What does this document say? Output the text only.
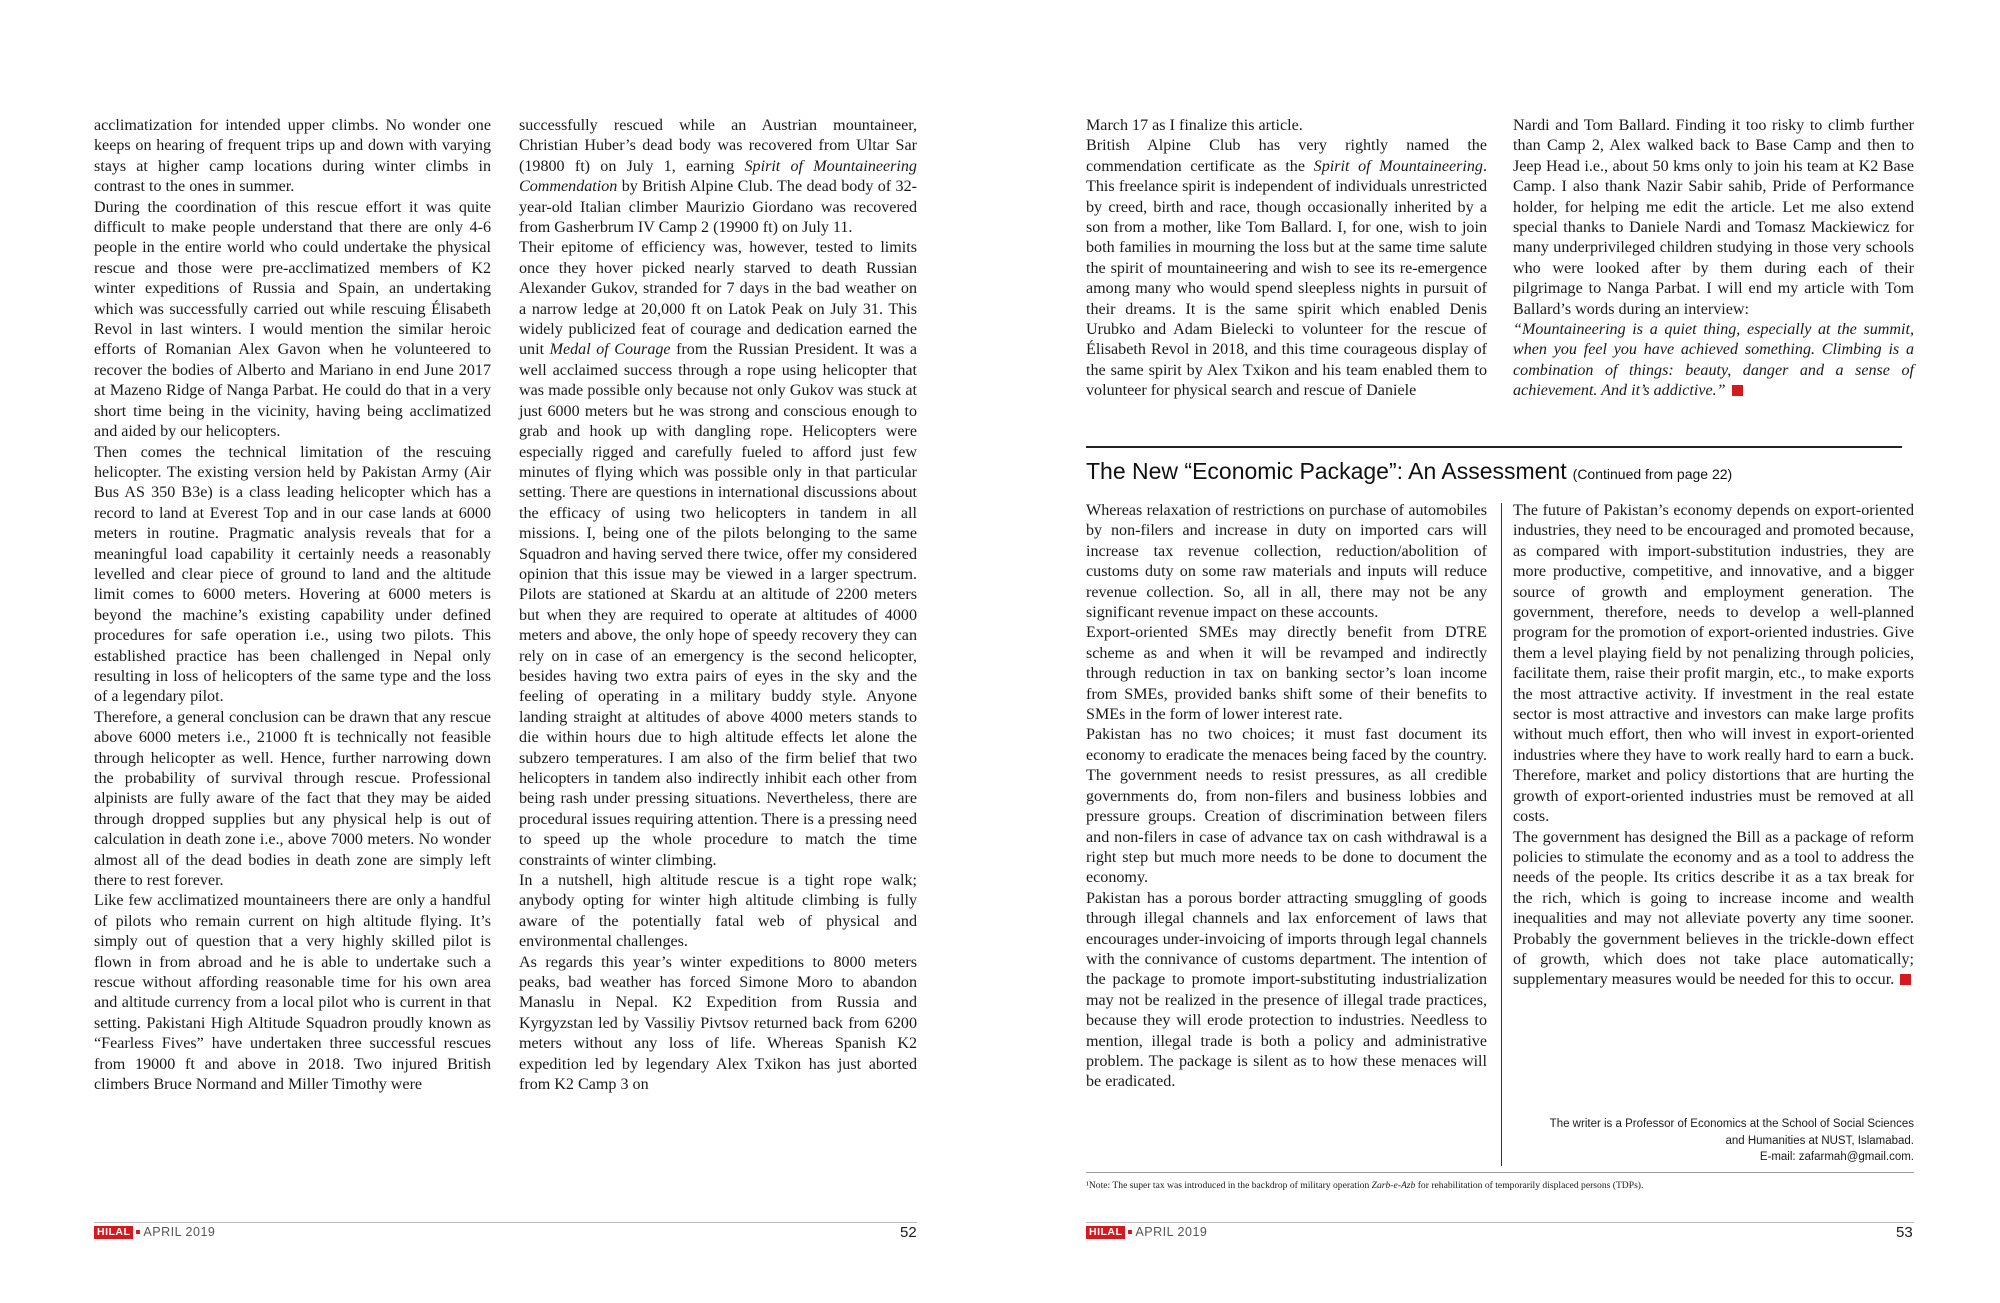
acclimatization for intended upper climbs. No wonder one keeps on hearing of frequent trips up and down with varying stays at higher camp locations during winter climbs in contrast to the ones in summer.

During the coordination of this rescue effort it was quite difficult to make people understand that there are only 4-6 people in the entire world who could undertake the physical rescue and those were pre-acclimatized members of K2 winter expeditions of Russia and Spain, an undertaking which was successfully carried out while rescuing Élisabeth Revol in last winters. I would mention the similar heroic efforts of Romanian Alex Gavon when he volunteered to recover the bodies of Alberto and Mariano in end June 2017 at Mazeno Ridge of Nanga Parbat. He could do that in a very short time being in the vicinity, having being acclimatized and aided by our helicopters.

Then comes the technical limitation of the rescuing helicopter. The existing version held by Pakistan Army (Air Bus AS 350 B3e) is a class leading helicopter which has a record to land at Everest Top and in our case lands at 6000 meters in routine. Pragmatic analysis reveals that for a meaningful load capability it certainly needs a reasonably levelled and clear piece of ground to land and the altitude limit comes to 6000 meters. Hovering at 6000 meters is beyond the machine’s existing capability under defined procedures for safe operation i.e., using two pilots. This established practice has been challenged in Nepal only resulting in loss of helicopters of the same type and the loss of a legendary pilot.

Therefore, a general conclusion can be drawn that any rescue above 6000 meters i.e., 21000 ft is technically not feasible through helicopter as well. Hence, further narrowing down the probability of survival through rescue. Professional alpinists are fully aware of the fact that they may be aided through dropped supplies but any physical help is out of calculation in death zone i.e., above 7000 meters. No wonder almost all of the dead bodies in death zone are simply left there to rest forever.

Like few acclimatized mountaineers there are only a handful of pilots who remain current on high altitude flying. It’s simply out of question that a very highly skilled pilot is flown in from abroad and he is able to undertake such a rescue without affording reasonable time for his own area and altitude currency from a local pilot who is current in that setting. Pakistani High Altitude Squadron proudly known as “Fearless Fives” have undertaken three successful rescues from 19000 ft and above in 2018. Two injured British climbers Bruce Normand and Miller Timothy were

successfully rescued while an Austrian mountaineer, Christian Huber’s dead body was recovered from Ultar Sar (19800 ft) on July 1, earning Spirit of Mountaineering Commendation by British Alpine Club. The dead body of 32-year-old Italian climber Maurizio Giordano was recovered from Gasherbrum IV Camp 2 (19900 ft) on July 11.

Their epitome of efficiency was, however, tested to limits once they hover picked nearly starved to death Russian Alexander Gukov, stranded for 7 days in the bad weather on a narrow ledge at 20,000 ft on Latok Peak on July 31. This widely publicized feat of courage and dedication earned the unit Medal of Courage from the Russian President. It was a well acclaimed success through a rope using helicopter that was made possible only because not only Gukov was stuck at just 6000 meters but he was strong and conscious enough to grab and hook up with dangling rope. Helicopters were especially rigged and carefully fueled to afford just few minutes of flying which was possible only in that particular setting. There are questions in international discussions about the efficacy of using two helicopters in tandem in all missions. I, being one of the pilots belonging to the same Squadron and having served there twice, offer my considered opinion that this issue may be viewed in a larger spectrum. Pilots are stationed at Skardu at an altitude of 2200 meters but when they are required to operate at altitudes of 4000 meters and above, the only hope of speedy recovery they can rely on in case of an emergency is the second helicopter, besides having two extra pairs of eyes in the sky and the feeling of operating in a military buddy style. Anyone landing straight at altitudes of above 4000 meters stands to die within hours due to high altitude effects let alone the subzero temperatures. I am also of the firm belief that two helicopters in tandem also indirectly inhibit each other from being rash under pressing situations. Nevertheless, there are procedural issues requiring attention. There is a pressing need to speed up the whole procedure to match the time constraints of winter climbing.

In a nutshell, high altitude rescue is a tight rope walk; anybody opting for winter high altitude climbing is fully aware of the potentially fatal web of physical and environmental challenges.

As regards this year’s winter expeditions to 8000 meters peaks, bad weather has forced Simone Moro to abandon Manaslu in Nepal. K2 Expedition from Russia and Kyrgyzstan led by Vassiliy Pivtsov returned back from 6200 meters without any loss of life. Whereas Spanish K2 expedition led by legendary Alex Txikon has just aborted from K2 Camp 3 on

HILAL APRIL 2019	52

March 17 as I finalize this article.

British Alpine Club has very rightly named the commendation certificate as the Spirit of Mountaineering. This freelance spirit is independent of individuals unrestricted by creed, birth and race, though occasionally inherited by a son from a mother, like Tom Ballard. I, for one, wish to join both families in mourning the loss but at the same time salute the spirit of mountaineering and wish to see its re-emergence among many who would spend sleepless nights in pursuit of their dreams. It is the same spirit which enabled Denis Urubko and Adam Bielecki to volunteer for the rescue of Élisabeth Revol in 2018, and this time courageous display of the same spirit by Alex Txikon and his team enabled them to volunteer for physical search and rescue of Daniele

Nardi and Tom Ballard. Finding it too risky to climb further than Camp 2, Alex walked back to Base Camp and then to Jeep Head i.e., about 50 kms only to join his team at K2 Base Camp. I also thank Nazir Sabir sahib, Pride of Performance holder, for helping me edit the article. Let me also extend special thanks to Daniele Nardi and Tomasz Mackiewicz for many underprivileged children studying in those very schools who were looked after by them during each of their pilgrimage to Nanga Parbat. I will end my article with Tom Ballard’s words during an interview:

“Mountaineering is a quiet thing, especially at the summit, when you feel you have achieved something. Climbing is a combination of things: beauty, danger and a sense of achievement. And it’s addictive.”

The New “Economic Package”: An Assessment (Continued from page 22)

Whereas relaxation of restrictions on purchase of automobiles by non-filers and increase in duty on imported cars will increase tax revenue collection, reduction/abolition of customs duty on some raw materials and inputs will reduce revenue collection. So, all in all, there may not be any significant revenue impact on these accounts.

Export-oriented SMEs may directly benefit from DTRE scheme as and when it will be revamped and indirectly through reduction in tax on banking sector’s loan income from SMEs, provided banks shift some of their benefits to SMEs in the form of lower interest rate.

Pakistan has no two choices; it must fast document its economy to eradicate the menaces being faced by the country. The government needs to resist pressures, as all credible governments do, from non-filers and business lobbies and pressure groups. Creation of discrimination between filers and non-filers in case of advance tax on cash withdrawal is a right step but much more needs to be done to document the economy.

Pakistan has a porous border attracting smuggling of goods through illegal channels and lax enforcement of laws that encourages under-invoicing of imports through legal channels with the connivance of customs department. The intention of the package to promote import-substituting industrialization may not be realized in the presence of illegal trade practices, because they will erode protection to industries. Needless to mention, illegal trade is both a policy and administrative problem. The package is silent as to how these menaces will be eradicated.

The future of Pakistan’s economy depends on export-oriented industries, they need to be encouraged and promoted because, as compared with import-substitution industries, they are more productive, competitive, and innovative, and a bigger source of growth and employment generation. The government, therefore, needs to develop a well-planned program for the promotion of export-oriented industries. Give them a level playing field by not penalizing through policies, facilitate them, raise their profit margin, etc., to make exports the most attractive activity. If investment in the real estate sector is most attractive and investors can make large profits without much effort, then who will invest in export-oriented industries where they have to work really hard to earn a buck. Therefore, market and policy distortions that are hurting the growth of export-oriented industries must be removed at all costs.

The government has designed the Bill as a package of reform policies to stimulate the economy and as a tool to address the needs of the people. Its critics describe it as a tax break for the rich, which is going to increase income and wealth inequalities and may not alleviate poverty any time sooner. Probably the government believes in the trickle-down effect of growth, which does not take place automatically; supplementary measures would be needed for this to occur.

The writer is a Professor of Economics at the School of Social Sciences
and Humanities at NUST, Islamabad.
E-mail: zafarmah@gmail.com.
¹Note: The super tax was introduced in the backdrop of military operation Zarb-e-Azb for rehabilitation of temporarily displaced persons (TDPs).
HILAL APRIL 2019	53
